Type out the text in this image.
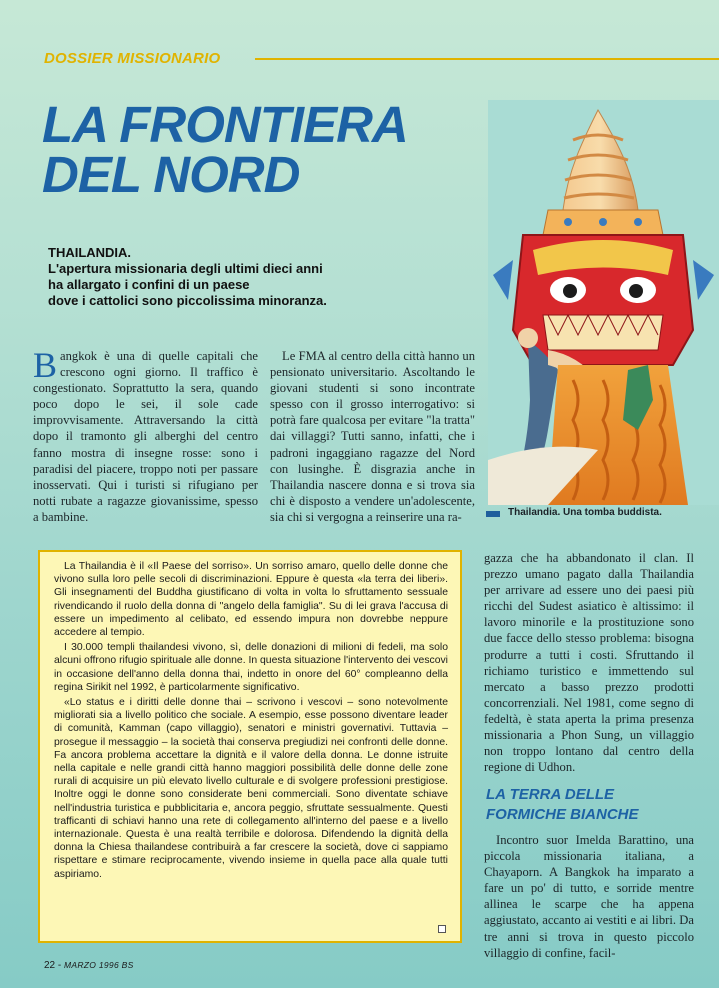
DOSSIER MISSIONARIO
LA FRONTIERA
DEL NORD
THAILANDIA.
L'apertura missionaria degli ultimi dieci anni
ha allargato i confini di un paese
dove i cattolici sono piccolissima minoranza.
Thailandia. Una tomba buddista.
Bangkok è una di quelle capitali che crescono ogni giorno. Il traffico è congestionato. Soprattutto la sera, quando poco dopo le sei, il sole cade improvvisamente. Attraversando la città dopo il tramonto gli alberghi del centro fanno mostra di insegne rosse: sono i paradisi del piacere, troppo noti per passare inosservati. Qui i turisti si rifugiano per notti rubate a ragazze giovanissime, spesso a bambine.

Le FMA al centro della città hanno un pensionato universitario. Ascoltando le giovani studenti si sono incontrate spesso con il grosso interrogativo: si potrà fare qualcosa per evitare "la tratta" dai villaggi? Tutti sanno, infatti, che i padroni ingaggiano ragazze del Nord con lusinghe. È disgrazia anche in Thailandia nascere donna e si trova sia chi è disposto a vendere un'adolescente, sia chi si vergogna a reinserire una ra-

gazza che ha abbandonato il clan. Il prezzo umano pagato dalla Thailandia per arrivare ad essere uno dei paesi più ricchi del Sudest asiatico è altissimo: il lavoro minorile e la prostituzione sono due facce dello stesso problema: bisogna produrre a tutti i costi. Sfruttando il richiamo turistico e immettendo sul mercato a basso prezzo prodotti concorrenziali. Nel 1981, come segno di fedeltà, è stata aperta la prima presenza missionaria a Phon Sung, un villaggio non troppo lontano dal centro della regione di Udhon.

LA TERRA DELLE
FORMICHE BIANCHE

Incontro suor Imelda Barattino, una piccola missionaria italiana, a Chayaporn. A Bangkok ha imparato a fare un po' di tutto, e sorride mentre allinea le scarpe che ha appena aggiustato, accanto ai vestiti e ai libri. Da tre anni si trova in questo piccolo villaggio di confine, facil-

La Thailandia è il «Il Paese del sorriso». Un sorriso amaro, quello delle donne che vivono sulla loro pelle secoli di discriminazioni. Eppure è questa «la terra dei liberi». Gli insegnamenti del Buddha giustificano di volta in volta lo sfruttamento sessuale rivendicando il ruolo della donna di "angelo della famiglia". Su di lei grava l'accusa di essere un impedimento al celibato, ed essendo impura non dovrebbe neppure accedere al tempio.

I 30.000 templi thailandesi vivono, sì, delle donazioni di milioni di fedeli, ma solo alcuni offrono rifugio spirituale alle donne. In questa situazione l'intervento dei vescovi in occasione dell'anno della donna thai, indetto in onore del 60° compleanno della regina Sirikit nel 1992, è particolarmente significativo.

«Lo status e i diritti delle donne thai – scrivono i vescovi – sono notevolmente migliorati sia a livello politico che sociale. A esempio, esse possono diventare leader di comunità, Kamman (capo villaggio), senatori e ministri governativi. Tuttavia – prosegue il messaggio – la società thai conserva pregiudizi nei confronti delle donne. Fa ancora problema accettare la dignità e il valore della donna. Le donne istruite nella capitale e nelle grandi città hanno maggiori possibilità delle donne delle zone rurali di acquisire un più elevato livello culturale e di svolgere professioni prestigiose. Inoltre oggi le donne sono considerate beni commerciali. Sono diventate schiave nell'industria turistica e pubblicitaria e, ancora peggio, sfruttate sessualmente. Questi trafficanti di schiavi hanno una rete di collegamento all'interno del paese e a livello internazionale. Questa è una realtà terribile e dolorosa. Difendendo la dignità della donna la Chiesa thailandese contribuirà a far crescere la società, dove ci sappiamo rispettare e stimare reciprocamente, vivendo insieme in quella pace alla quale tutti aspiriamo.

22 - MARZO 1996 BS
